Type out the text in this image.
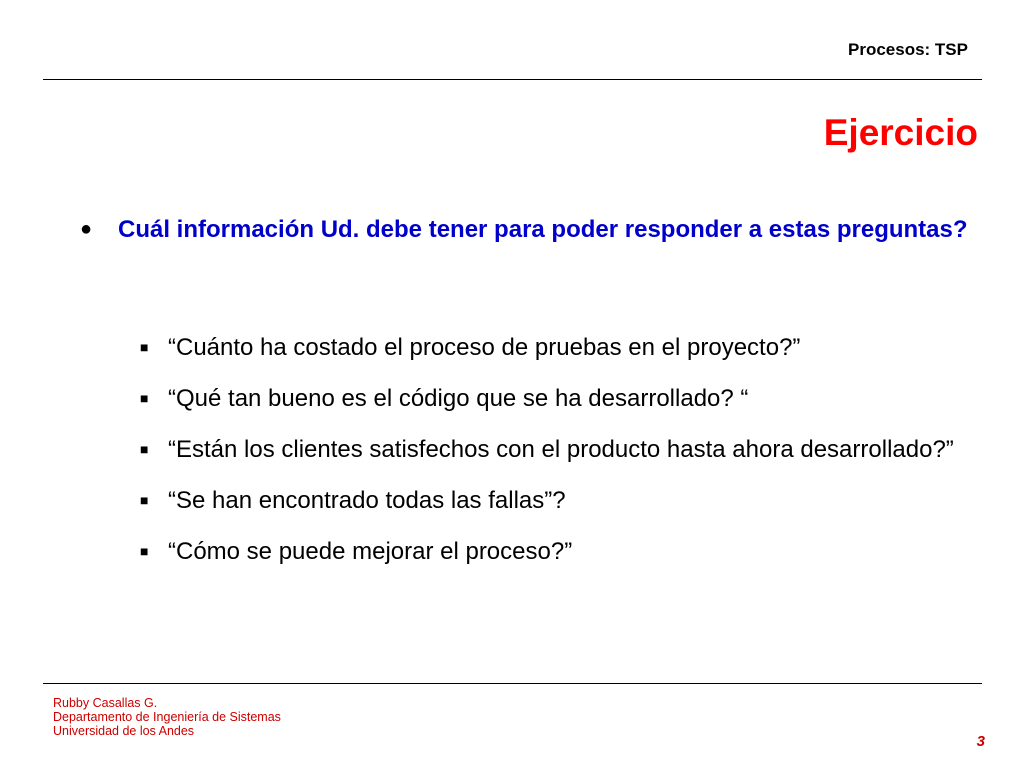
Procesos: TSP
Ejercicio
●	Cuál información Ud. debe tener para poder responder a estas preguntas?
■ “Cuánto ha costado el proceso de pruebas en el proyecto?”
■ “Qué tan bueno es el código que se ha desarrollado? “
■ “Están los clientes satisfechos con el producto hasta ahora desarrollado?”
■ “Se han encontrado todas las fallas”?
■ “Cómo se puede mejorar el proceso?”
Rubby Casallas G.
Departamento de Ingeniería de Sistemas
Universidad de los Andes
3
